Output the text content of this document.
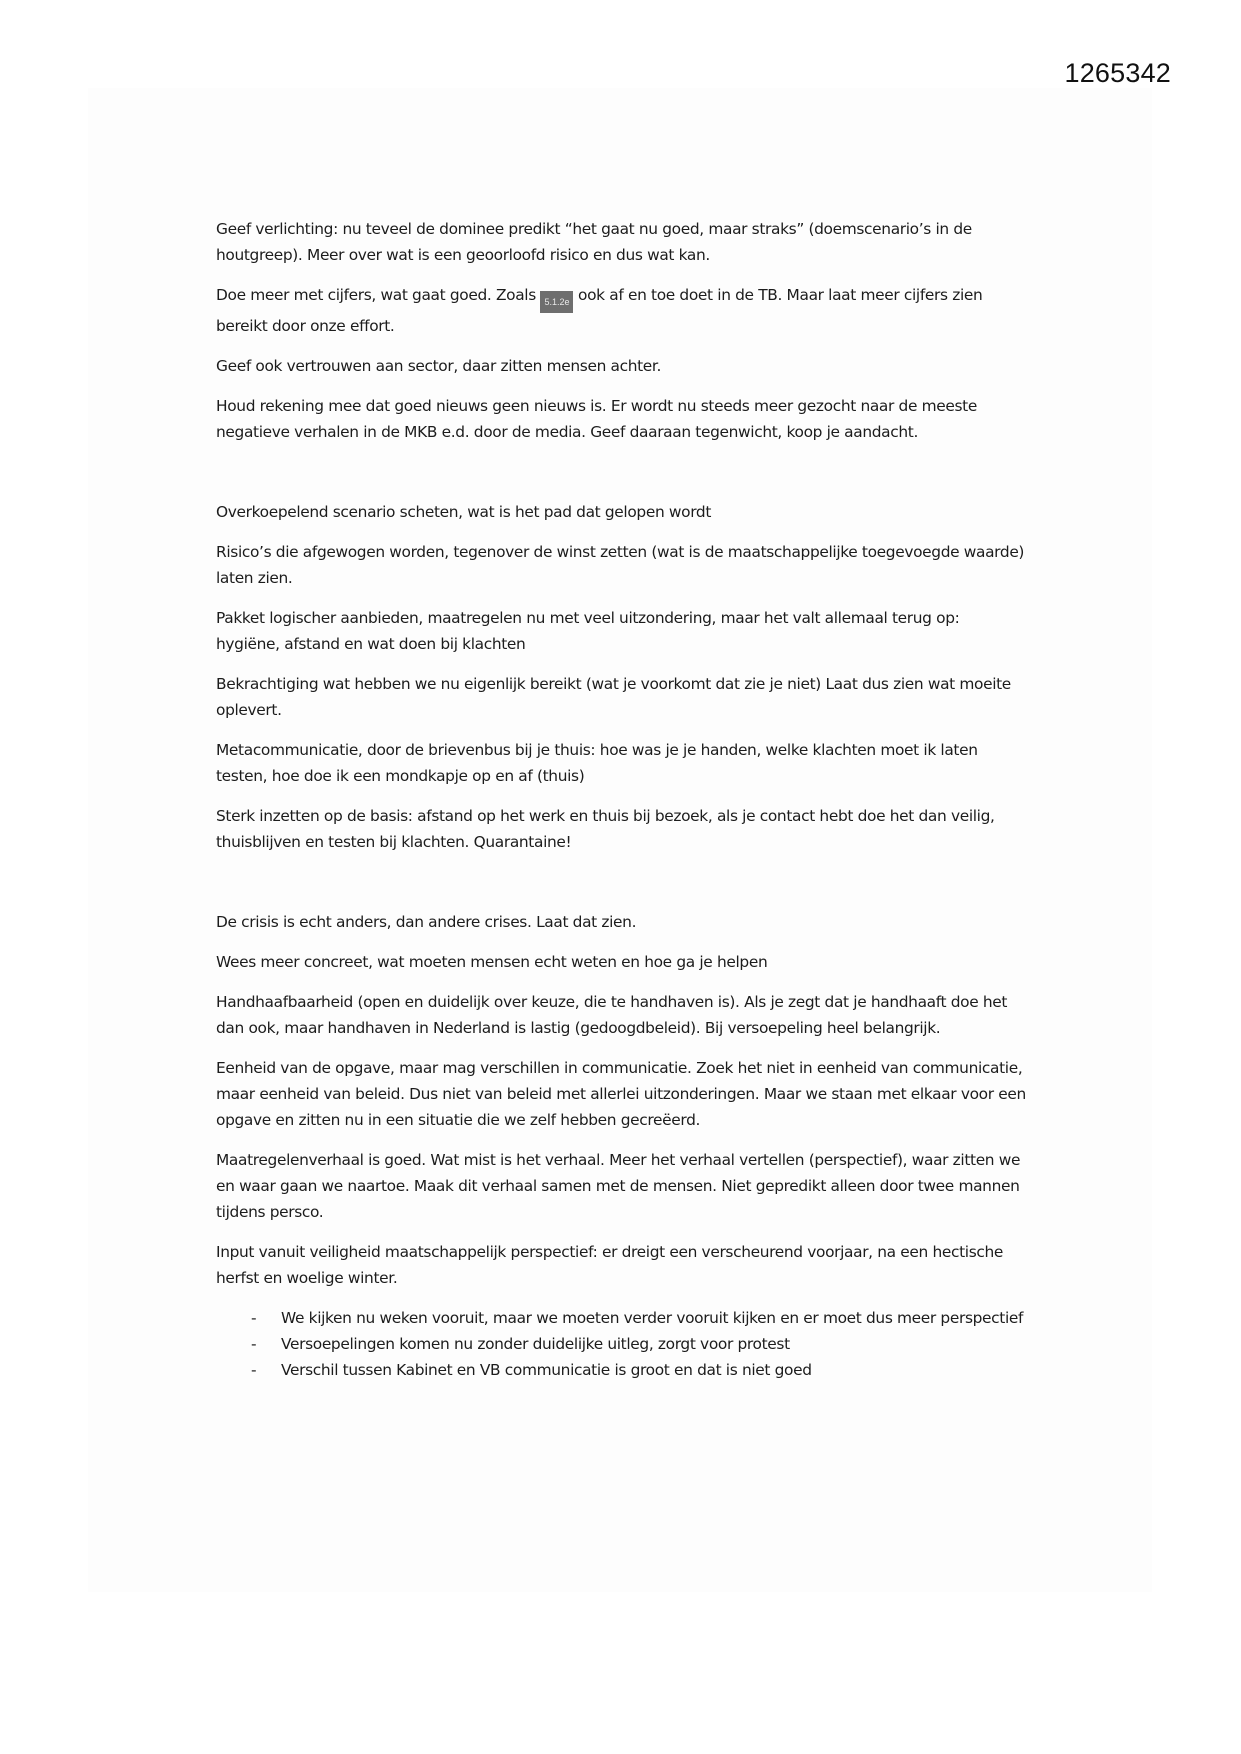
1265342

Geef verlichting: nu teveel de dominee predikt “het gaat nu goed, maar straks” (doemscenario’s in de houtgreep). Meer over wat is een geoorloofd risico en dus wat kan.

Doe meer met cijfers, wat gaat goed. Zoals 5.1.2e ook af en toe doet in de TB. Maar laat meer cijfers zien bereikt door onze effort.

Geef ook vertrouwen aan sector, daar zitten mensen achter.

Houd rekening mee dat goed nieuws geen nieuws is. Er wordt nu steeds meer gezocht naar de meeste negatieve verhalen in de MKB e.d. door de media. Geef daaraan tegenwicht, koop je aandacht.

Overkoepelend scenario scheten, wat is het pad dat gelopen wordt

Risico’s die afgewogen worden, tegenover de winst zetten (wat is de maatschappelijke toegevoegde waarde) laten zien.

Pakket logischer aanbieden, maatregelen nu met veel uitzondering, maar het valt allemaal terug op: hygiëne, afstand en wat doen bij klachten

Bekrachtiging wat hebben we nu eigenlijk bereikt (wat je voorkomt dat zie je niet) Laat dus zien wat moeite oplevert.

Metacommunicatie, door de brievenbus bij je thuis: hoe was je je handen, welke klachten moet ik laten testen, hoe doe ik een mondkapje op en af (thuis)

Sterk inzetten op de basis: afstand op het werk en thuis bij bezoek, als je contact hebt doe het dan veilig, thuisblijven en testen bij klachten. Quarantaine!

De crisis is echt anders, dan andere crises. Laat dat zien.

Wees meer concreet, wat moeten mensen echt weten en hoe ga je helpen

Handhaafbaarheid (open en duidelijk over keuze, die te handhaven is). Als je zegt dat je handhaaft doe het dan ook, maar handhaven in Nederland is lastig (gedoogdbeleid). Bij versoepeling heel belangrijk.

Eenheid van de opgave, maar mag verschillen in communicatie. Zoek het niet in eenheid van communicatie, maar eenheid van beleid. Dus niet van beleid met allerlei uitzonderingen. Maar we staan met elkaar voor een opgave en zitten nu in een situatie die we zelf hebben gecreëerd.

Maatregelenverhaal is goed. Wat mist is het verhaal. Meer het verhaal vertellen (perspectief), waar zitten we en waar gaan we naartoe. Maak dit verhaal samen met de mensen. Niet gepredikt alleen door twee mannen tijdens persco.

Input vanuit veiligheid maatschappelijk perspectief: er dreigt een verscheurend voorjaar, na een hectische herfst en woelige winter.

- We kijken nu weken vooruit, maar we moeten verder vooruit kijken en er moet dus meer perspectief
- Versoepelingen komen nu zonder duidelijke uitleg, zorgt voor protest
- Verschil tussen Kabinet en VB communicatie is groot en dat is niet goed
